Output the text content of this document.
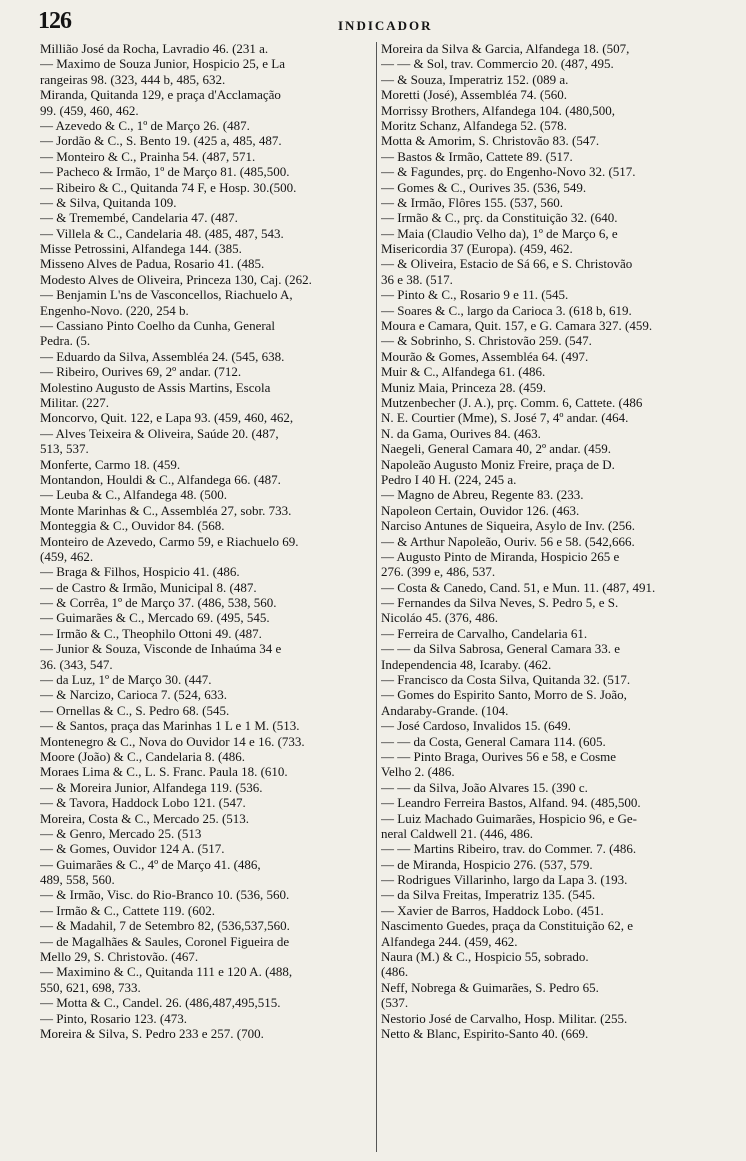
126	INDICADOR
Millião José da Rocha, Lavradio 46. (231 a.
— Maximo de Souza Junior, Hospicio 25, e La
rangeiras 98. (323, 444 b, 485, 632.
Miranda, Quitanda 129, e praça d'Acclamação
99. (459, 460, 462.
— Azevedo & C., 1º de Março 26. (487.
— Jordão & C., S. Bento 19. (425 a, 485, 487.
— Monteiro & C., Prainha 54. (487, 571.
— Pacheco & Irmão, 1º de Março 81. (485,500.
— Ribeiro & C., Quitanda 74 F, e Hosp. 30.(500.
— & Silva, Quitanda 109.
— & Tremembé, Candelaria 47. (487.
— Villela & C., Candelaria 48. (485, 487, 543.
Misse Petrossini, Alfandega 144. (385.
Misseno Alves de Padua, Rosario 41. (485.
Modesto Alves de Oliveira, Princeza 130, Caj. (262.
— Benjamin L'ns de Vasconcellos, Riachuelo A,
Engenho-Novo. (220, 254 b.
— Cassiano Pinto Coelho da Cunha, General
Pedra. (5.
— Eduardo da Silva, Assembléa 24. (545, 638.
— Ribeiro, Ourives 69, 2º andar. (712.
Molestino Augusto de Assis Martins, Escola
Militar. (227.
Moncorvo, Quit. 122, e Lapa 93. (459, 460, 462,
— Alves Teixeira & Oliveira, Saúde 20. (487,
513, 537.
Monferte, Carmo 18. (459.
Montandon, Houldi & C., Alfandega 66. (487.
— Leuba & C., Alfandega 48. (500.
Monte Marinhas & C., Assembléa 27, sobr. 733.
Monteggia & C., Ouvidor 84. (568.
Monteiro de Azevedo, Carmo 59, e Riachuelo 69.
(459, 462.
— Braga & Filhos, Hospicio 41. (486.
— de Castro & Irmão, Municipal 8. (487.
— & Corrêa, 1º de Março 37. (486, 538, 560.
— Guimarães & C., Mercado 69. (495, 545.
— Irmão & C., Theophilo Ottoni 49. (487.
— Junior & Souza, Visconde de Inhaúma 34 e
36. (343, 547.
— da Luz, 1º de Março 30. (447.
— & Narcizo, Carioca 7. (524, 633.
— Ornellas & C., S. Pedro 68. (545.
— & Santos, praça das Marinhas 1 L e 1 M. (513.
Montenegro & C., Nova do Ouvidor 14 e 16. (733.
Moore (João) & C., Candelaria 8. (486.
Moraes Lima & C., L. S. Franc. Paula 18. (610.
— & Moreira Junior, Alfandega 119. (536.
— & Tavora, Haddock Lobo 121. (547.
Moreira, Costa & C., Mercado 25. (513.
— & Genro, Mercado 25. (513
— & Gomes, Ouvidor 124 A. (517.
— Guimarães & C., 4º de Março 41. (486,
489, 558, 560.
— & Irmão, Visc. do Rio-Branco 10. (536, 560.
— Irmão & C., Cattete 119. (602.
— & Madahil, 7 de Setembro 82, (536,537,560.
— de Magalhães & Saules, Coronel Figueira de
Mello 29, S. Christovão. (467.
— Maximino & C., Quitanda 111 e 120 A. (488,
550, 621, 698, 733.
— Motta & C., Candel. 26. (486,487,495,515.
— Pinto, Rosario 123. (473.
Moreira & Silva, S. Pedro 233 e 257. (700.
Moreira da Silva & Garcia, Alfandega 18. (507,
— — & Sol, trav. Commercio 20. (487, 495.
— & Souza, Imperatriz 152. (089 a.
Moretti (José), Assembléa 74. (560.
Morrissy Brothers, Alfandega 104. (480,500,
Moritz Schanz, Alfandega 52. (578.
Motta & Amorim, S. Christovão 83. (547.
— Bastos & Irmão, Cattete 89. (517.
— & Fagundes, prç. do Engenho-Novo 32. (517.
— Gomes & C., Ourives 35. (536, 549.
— & Irmão, Flôres 155. (537, 560.
— Irmão & C., prç. da Constituição 32. (640.
— Maia (Claudio Velho da), 1º de Março 6, e
Misericordia 37 (Europa). (459, 462.
— & Oliveira, Estacio de Sá 66, e S. Christovão
36 e 38. (517.
— Pinto & C., Rosario 9 e 11. (545.
— Soares & C., largo da Carioca 3. (618 b, 619.
Moura e Camara, Quit. 157, e G. Camara 327. (459.
— & Sobrinho, S. Christovão 259. (547.
Mourão & Gomes, Assembléa 64. (497.
Muir & C., Alfandega 61. (486.
Muniz Maia, Princeza 28. (459.
Mutzenbecher (J. A.), prç. Comm. 6, Cattete. (486
N. E. Courtier (Mme), S. José 7, 4º andar. (464.
N. da Gama, Ourives 84. (463.
Naegeli, General Camara 40, 2º andar. (459.
Napoleão Augusto Moniz Freire, praça de D.
Pedro I 40 H. (224, 245 a.
— Magno de Abreu, Regente 83. (233.
Napoleon Certain, Ouvidor 126. (463.
Narciso Antunes de Siqueira, Asylo de Inv. (256.
— & Arthur Napoleão, Ouriv. 56 e 58. (542,666.
— Augusto Pinto de Miranda, Hospicio 265 e
276. (399 e, 486, 537.
— Costa & Canedo, Cand. 51, e Mun. 11. (487, 491.
— Fernandes da Silva Neves, S. Pedro 5, e S.
Nicoláo 45. (376, 486.
— Ferreira de Carvalho, Candelaria 61.
— — da Silva Sabrosa, General Camara 33. e
Independencia 48, Icaraby. (462.
— Francisco da Costa Silva, Quitanda 32. (517.
— Gomes do Espirito Santo, Morro de S. João,
Andaraby-Grande. (104.
— José Cardoso, Invalidos 15. (649.
— — da Costa, General Camara 114. (605.
— — Pinto Braga, Ourives 56 e 58, e Cosme
Velho 2. (486.
— — da Silva, João Alvares 15. (390 c.
— Leandro Ferreira Bastos, Alfand. 94. (485,500.
— Luiz Machado Guimarães, Hospicio 96, e Ge-
neral Caldwell 21. (446, 486.
— — Martins Ribeiro, trav. do Commer. 7. (486.
— de Miranda, Hospicio 276. (537, 579.
— Rodrigues Villarinho, largo da Lapa 3. (193.
— da Silva Freitas, Imperatriz 135. (545.
— Xavier de Barros, Haddock Lobo. (451.
Nascimento Guedes, praça da Constituição 62, e
Alfandega 244. (459, 462.
Naura (M.) & C., Hospicio 55, sobrado.
(486.
Neff, Nobrega & Guimarães, S. Pedro 65.
(537.
Nestorio José de Carvalho, Hosp. Militar. (255.
Netto & Blanc, Espirito-Santo 40. (669.
